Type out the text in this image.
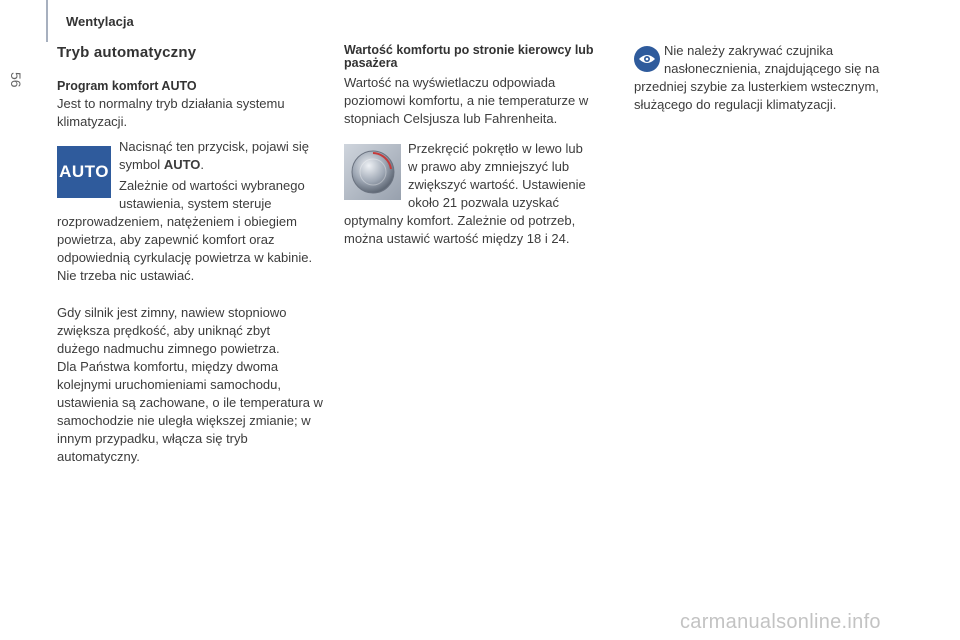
56
Wentylacja
Tryb automatyczny
Program komfort AUTO

Jest to normalny tryb działania systemu klimatyzacji.

AUTO

Nacisnąć ten przycisk, pojawi się symbol AUTO.

Zależnie od wartości wybranego

ustawienia, system steruje

rozprowadzeniem, natężeniem i obiegiem powietrza, aby zapewnić komfort oraz odpowiednią cyrkulację powietrza w kabinie. Nie trzeba nic ustawiać.

Gdy silnik jest zimny, nawiew stopniowo zwiększa prędkość, aby uniknąć zbyt dużego nadmuchu zimnego powietrza.

Dla Państwa komfortu, między dwoma kolejnymi uruchomieniami samochodu, ustawienia są zachowane, o ile temperatura w samochodzie nie uległa większej zmianie; w innym przypadku, włącza się tryb automatyczny.

Wartość komfortu po stronie kierowcy lub pasażera

Wartość na wyświetlaczu odpowiada poziomowi komfortu, a nie temperaturze w stopniach Celsjusza lub Fahrenheita.

Przekręcić pokrętło w lewo lub

w prawo aby zmniejszyć lub

zwiększyć wartość. Ustawienie

około 21 pozwala uzyskać

optymalny komfort. Zależnie od potrzeb, można ustawić wartość między 18 i 24.

Nie należy zakrywać czujnika

nasłonecznienia, znajdującego się na

przedniej szybie za lusterkiem wstecznym, służącego do regulacji klimatyzacji.

carmanualsonline.info
